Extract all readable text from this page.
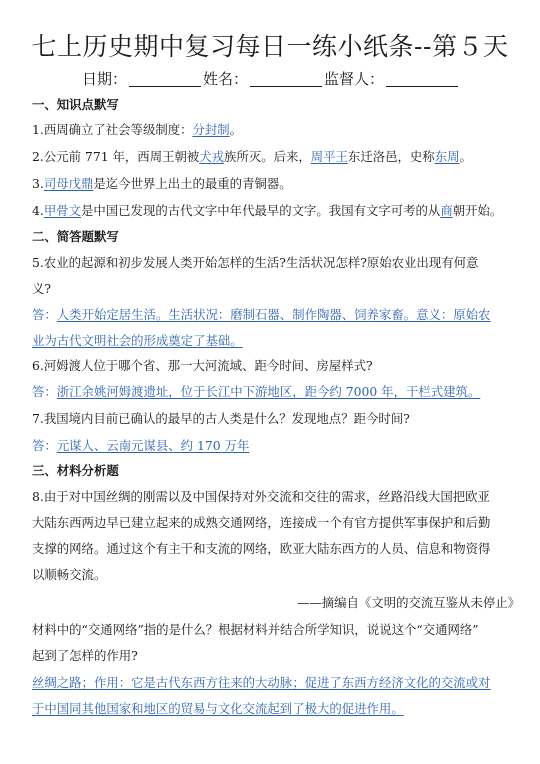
七上历史期中复习每日一练小纸条--第５天
日期：	姓名：	监督人：
一、知识点默写
1.西周确立了社会等级制度：分封制。
2.公元前 771 年，西周王朝被犬戎族所灭。后来，周平王东迁洛邑，史称东周。
3.司母戊鼎是迄今世界上出土的最重的青铜器。
4.甲骨文是中国已发现的古代文字中年代最早的文字。我国有文字可考的从商朝开始。
二、简答题默写
5.农业的起源和初步发展人类开始怎样的生活?生活状况怎样?原始农业出现有何意
义?
答：人类开始定居生活。生活状况：磨制石器、制作陶器、饲养家畜。意义：原始农
业为古代文明社会的形成奠定了基础。
6.河姆渡人位于哪个省、那一大河流域、距今时间、房屋样式?
答：浙江余姚河姆渡遗址，位于长江中下游地区，距今约 7000 年，干栏式建筑。
7.我国境内目前已确认的最早的古人类是什么？发现地点？距今时间?
答：元谋人、云南元谋县、约 170 万年
三、材料分析题
8.由于对中国丝绸的刚需以及中国保持对外交流和交往的需求，丝路沿线大国把欧亚
大陆东西两边早已建立起来的成熟交通网络，连接成一个有官方提供军事保护和后勤
支撑的网络。通过这个有主干和支流的网络，欧亚大陆东西方的人员、信息和物资得
以顺畅交流。
——摘编自《文明的交流互鉴从未停止》
材料中的“交通网络”指的是什么？根据材料并结合所学知识，说说这个“交通网络”
起到了怎样的作用?
丝绸之路；作用：它是古代东西方往来的大动脉；促进了东西方经济文化的交流或对
于中国同其他国家和地区的贸易与文化交流起到了极大的促进作用。
